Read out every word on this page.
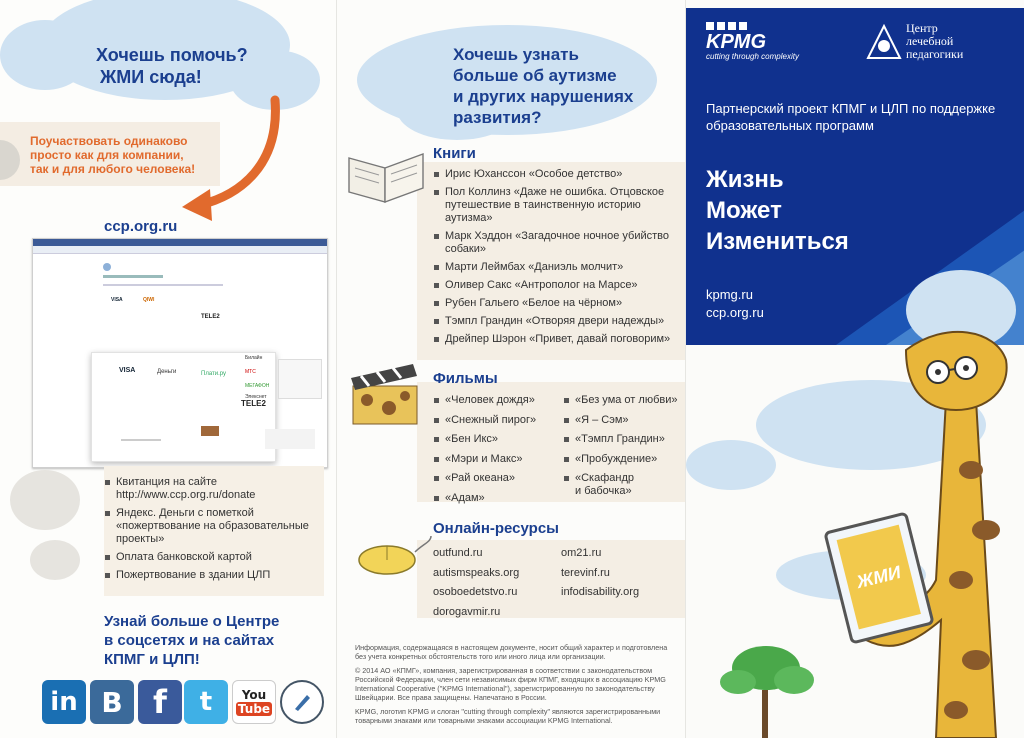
Хочешь помочь?
ЖМИ сюда!
Поучаствовать одинаково
просто как для компании,
так и для любого человека!
ccp.org.ru
VISA	QIWI
TELE2
VISA	Деньги	Плати.ру
Билайн
МТС
МЕГАФОН
Элекснет
TELE2
Квитанция на сайте
http://www.ccp.org.ru/donate
Яндекс. Деньги с пометкой
«пожертвование на образовательные проекты»
Оплата банковской картой
Пожертвование в здании ЦЛП
Узнай больше о Центре
в соцсетях и на сайтах
КПМГ и ЦЛП!
in B f	t	You
Tube
Хочешь узнать
больше об аутизме
и других нарушениях
развития?
Книги
Ирис Юханссон «Особое детство»
Пол Коллинз «Даже не ошибка. Отцовское путешествие в таинственную историю аутизма»
Марк Хэддон «Загадочное ночное убийство собаки»
Марти Леймбах «Даниэль молчит»
Оливер Сакс «Антрополог на Марсе»
Рубен Гальего «Белое на чёрном»
Тэмпл Грандин «Отворяя двери надежды»
Дрейпер Шэрон «Привет, давай поговорим»
Фильмы
«Человек дождя»
«Снежный пирог»
«Бен Икс»
«Мэри и Макс»
«Рай океана»
«Адам»
«Без ума от любви»
«Я – Сэм»
«Тэмпл Грандин»
«Пробуждение»
«Скафандр и бабочка»
Онлайн-ресурсы
outfund.ru
autismspeaks.org
osoboedetstvo.ru
dorogavmir.ru
om21.ru
terevinf.ru
infodisability.org
Информация, содержащаяся в настоящем документе, носит общий характер и подготовлена без учета конкретных обстоятельств того или иного лица или организации.
© 2014 АО «КПМГ», компания, зарегистрированная в соответствии с законодательством Российской Федерации, член сети независимых фирм КПМГ, входящих в ассоциацию KPMG International Cooperative ("KPMG International"), зарегистрированную по законодательству Швейцарии. Все права защищены. Напечатано в России.
KPMG, логотип KPMG и слоган "cutting through complexity" являются зарегистрированными товарными знаками или товарными знаками ассоциации KPMG International.
KPMG
cutting through complexity
Центр
лечебной
педагогики
Партнерский проект КПМГ и ЦЛП по поддержке образовательных программ
Жизнь
Может
Измениться
kpmg.ru
ccp.org.ru
ЖМИ
